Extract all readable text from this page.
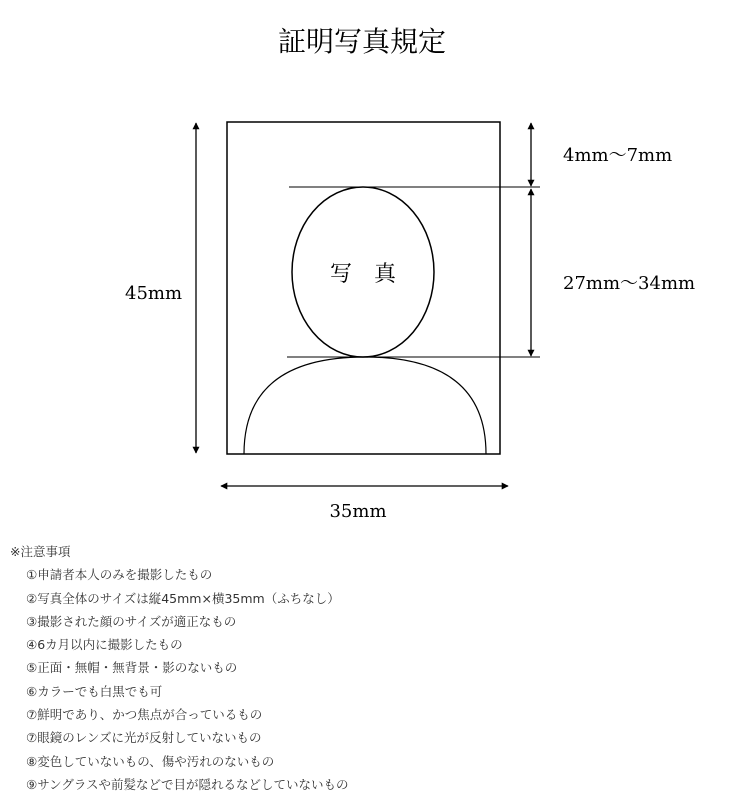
証明写真規定
写　真
45mm
4mm～7mm
27mm～34mm
35mm

※注意事項

①申請者本人のみを撮影したもの
②写真全体のサイズは縦45mm×横35mm（ふちなし）
③撮影された顔のサイズが適正なもの
④6カ月以内に撮影したもの
⑤正面・無帽・無背景・影のないもの
⑥カラーでも白黒でも可
⑦鮮明であり、かつ焦点が合っているもの
⑦眼鏡のレンズに光が反射していないもの
⑧変色していないもの、傷や汚れのないもの
⑨サングラスや前髪などで目が隠れるなどしていないもの
